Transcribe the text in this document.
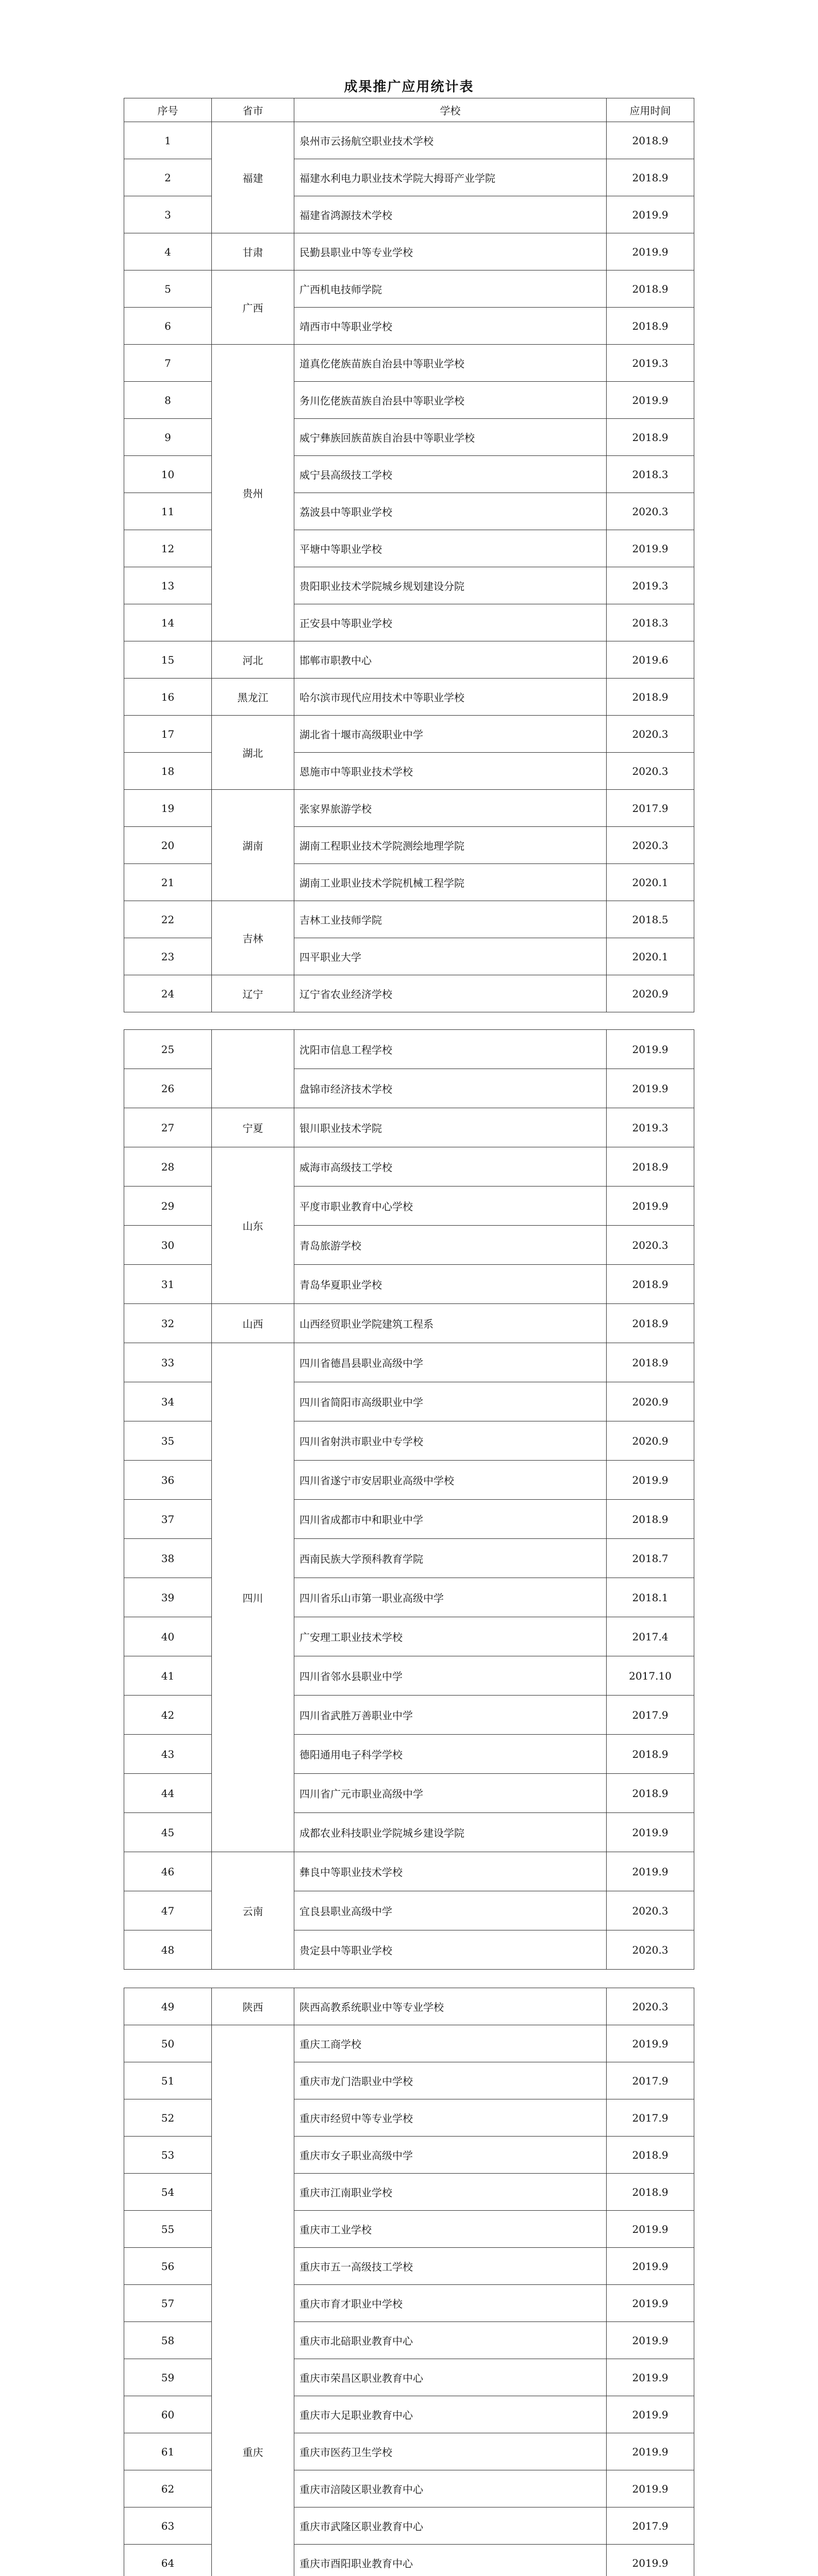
成果推广应用统计表
序号	省市	学校	应用时间
1	福建	泉州市云扬航空职业技术学校	2018.9
2		福建水利电力职业技术学院大拇哥产业学院	2018.9
3		福建省鸿源技术学校	2019.9
4	甘肃	民勤县职业中等专业学校	2019.9
5	广西	广西机电技师学院	2018.9
6		靖西市中等职业学校	2018.9
7	贵州	道真仡佬族苗族自治县中等职业学校	2019.3
8		务川仡佬族苗族自治县中等职业学校	2019.9
9		威宁彝族回族苗族自治县中等职业学校	2018.9
10		威宁县高级技工学校	2018.3
11		荔波县中等职业学校	2020.3
12		平塘中等职业学校	2019.9
13		贵阳职业技术学院城乡规划建设分院	2019.3
14		正安县中等职业学校	2018.3
15	河北	邯郸市职教中心	2019.6
16	黑龙江	哈尔滨市现代应用技术中等职业学校	2018.9
17	湖北	湖北省十堰市高级职业中学	2020.3
18		恩施市中等职业技术学校	2020.3
19	湖南	张家界旅游学校	2017.9
20		湖南工程职业技术学院测绘地理学院	2020.3
21		湖南工业职业技术学院机械工程学院	2020.1
22	吉林	吉林工业技师学院	2018.5
23		四平职业大学	2020.1
24	辽宁	辽宁省农业经济学校	2020.9
25		沈阳市信息工程学校	2019.9
26		盘锦市经济技术学校	2019.9
27	宁夏	银川职业技术学院	2019.3
28	山东	威海市高级技工学校	2018.9
29		平度市职业教育中心学校	2019.9
30		青岛旅游学校	2020.3
31		青岛华夏职业学校	2018.9
32	山西	山西经贸职业学院建筑工程系	2018.9
33	四川	四川省德昌县职业高级中学	2018.9
34		四川省简阳市高级职业中学	2020.9
35		四川省射洪市职业中专学校	2020.9
36		四川省遂宁市安居职业高级中学校	2019.9
37		四川省成都市中和职业中学	2018.9
38		西南民族大学预科教育学院	2018.7
39		四川省乐山市第一职业高级中学	2018.1
40		广安理工职业技术学校	2017.4
41		四川省邻水县职业中学	2017.10
42		四川省武胜万善职业中学	2017.9
43		德阳通用电子科学学校	2018.9
44		四川省广元市职业高级中学	2018.9
45		成都农业科技职业学院城乡建设学院	2019.9
46	云南	彝良中等职业技术学校	2019.9
47		宜良县职业高级中学	2020.3
48		贵定县中等职业学校	2020.3
49	陕西	陕西高教系统职业中等专业学校	2020.3
50	重庆	重庆工商学校	2019.9
51		重庆市龙门浩职业中学校	2017.9
52		重庆市经贸中等专业学校	2017.9
53		重庆市女子职业高级中学	2018.9
54		重庆市江南职业学校	2018.9
55		重庆市工业学校	2019.9
56		重庆市五一高级技工学校	2019.9
57		重庆市育才职业中学校	2019.9
58		重庆市北碚职业教育中心	2019.9
59		重庆市荣昌区职业教育中心	2019.9
60		重庆市大足职业教育中心	2019.9
61		重庆市医药卫生学校	2019.9
62		重庆市涪陵区职业教育中心	2019.9
63		重庆市武隆区职业教育中心	2017.9
64		重庆市酉阳职业教育中心	2019.9
